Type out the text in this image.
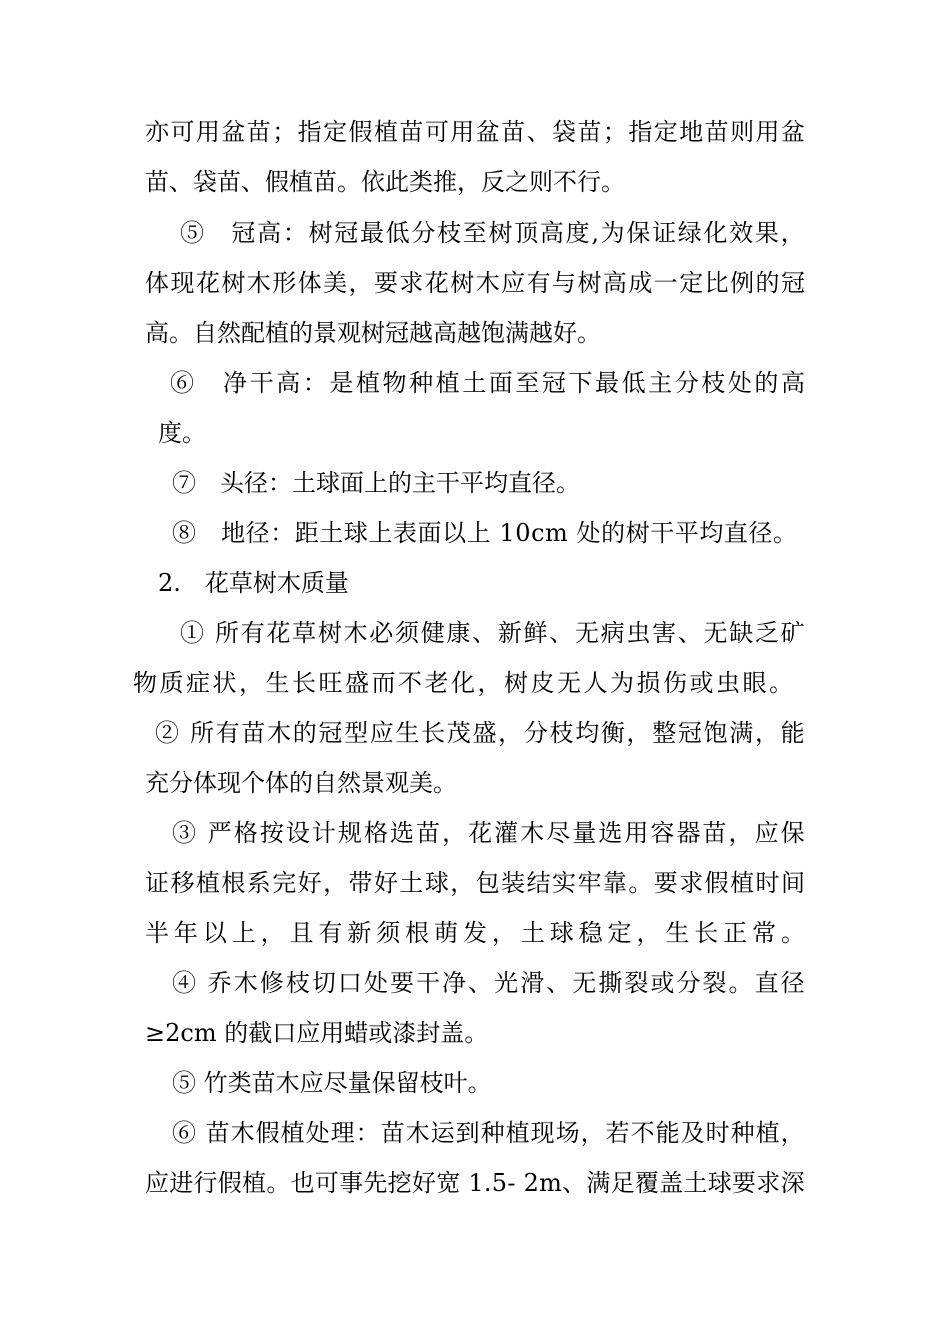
亦可用盆苗；指定假植苗可用盆苗、袋苗；指定地苗则用盆
苗、袋苗、假植苗。依此类推，反之则不行。
⑤　冠高：树冠最低分枝至树顶高度,为保证绿化效果，
体现花树木形体美，要求花树木应有与树高成一定比例的冠
高。自然配植的景观树冠越高越饱满越好。
⑥　净干高：是植物种植土面至冠下最低主分枝处的高
度。
⑦　头径：土球面上的主干平均直径。
⑧　地径：距土球上表面以上 10cm 处的树干平均直径。
2.　花草树木质量
① 所有花草树木必须健康、新鲜、无病虫害、无缺乏矿
物质症状，生长旺盛而不老化，树皮无人为损伤或虫眼。
② 所有苗木的冠型应生长茂盛，分枝均衡，整冠饱满，能
充分体现个体的自然景观美。
③ 严格按设计规格选苗，花灌木尽量选用容器苗，应保
证移植根系完好，带好土球，包装结实牢靠。要求假植时间
半年以上，且有新须根萌发，土球稳定，生长正常。
④ 乔木修枝切口处要干净、光滑、无撕裂或分裂。直径
≥2cm 的截口应用蜡或漆封盖。
⑤ 竹类苗木应尽量保留枝叶。
⑥ 苗木假植处理：苗木运到种植现场，若不能及时种植，
应进行假植。也可事先挖好宽 1.5- 2m、满足覆盖土球要求深
